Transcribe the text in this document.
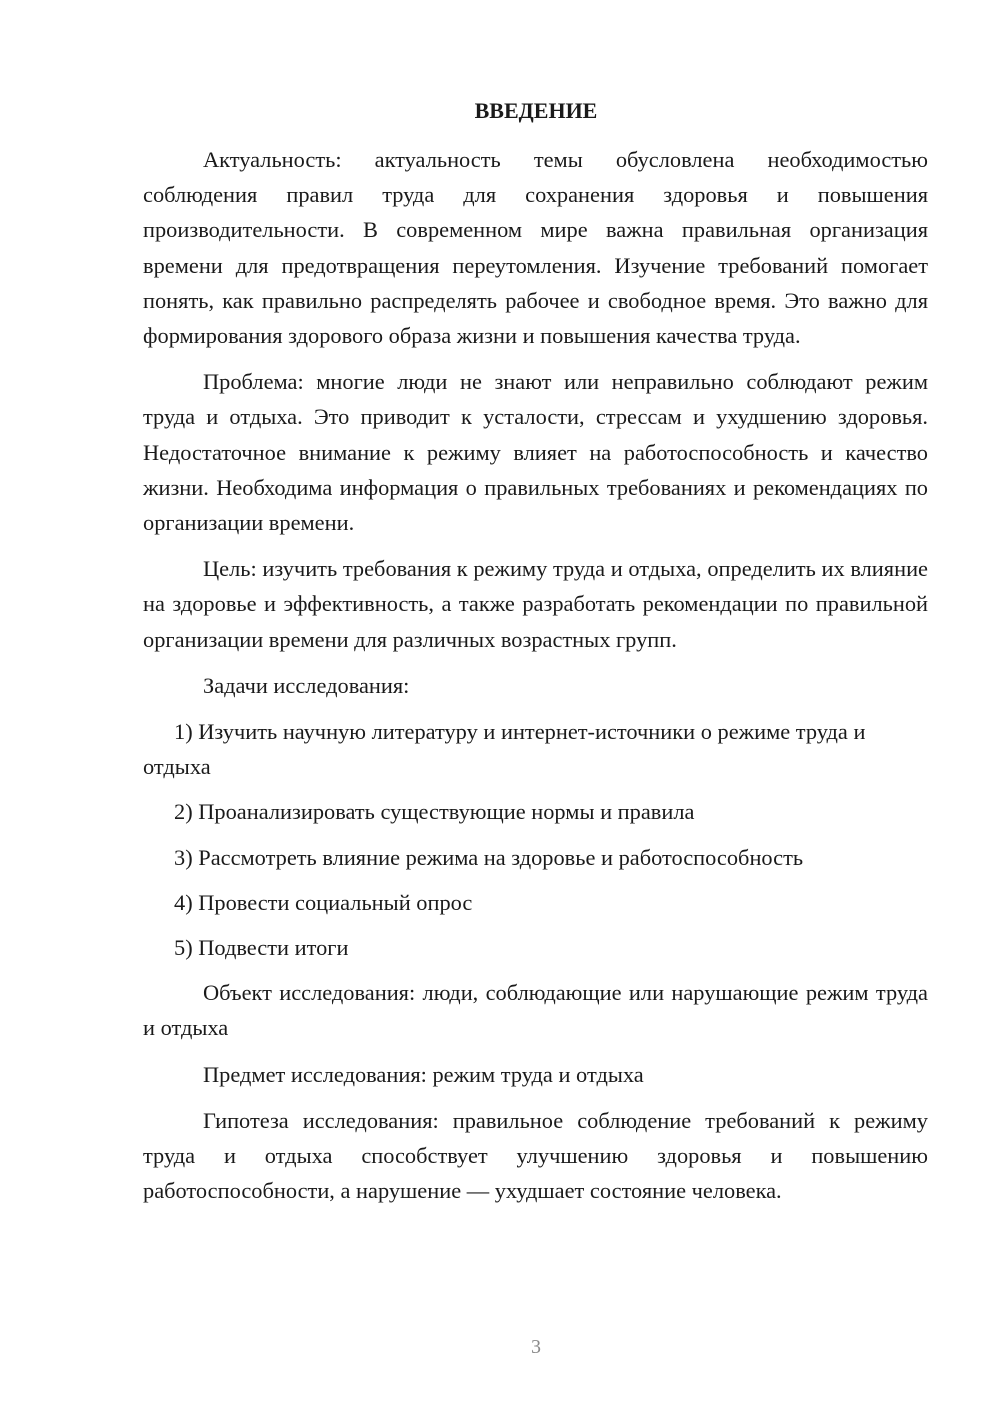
ВВЕДЕНИЕ

Актуальность: актуальность темы обусловлена необходимостью соблюдения правил труда для сохранения здоровья и повышения производительности. В современном мире важна правильная организация времени для предотвращения переутомления. Изучение требований помогает понять, как правильно распределять рабочее и свободное время. Это важно для формирования здорового образа жизни и повышения качества труда.

Проблема: многие люди не знают или неправильно соблюдают режим труда и отдыха. Это приводит к усталости, стрессам и ухудшению здоровья. Недостаточное внимание к режиму влияет на работоспособность и качество жизни. Необходима информация о правильных требованиях и рекомендациях по организации времени.

Цель: изучить требования к режиму труда и отдыха, определить их влияние на здоровье и эффективность, а также разработать рекомендации по правильной организации времени для различных возрастных групп.

Задачи исследования:

1) Изучить научную литературу и интернет-источники о режиме труда и отдыха

2) Проанализировать существующие нормы и правила

3) Рассмотреть влияние режима на здоровье и работоспособность

4) Провести социальный опрос

5) Подвести итоги

Объект исследования: люди, соблюдающие или нарушающие режим труда и отдыха

Предмет исследования: режим труда и отдыха

Гипотеза исследования: правильное соблюдение требований к режиму труда и отдыха способствует улучшению здоровья и повышению работоспособности, а нарушение — ухудшает состояние человека.

3
